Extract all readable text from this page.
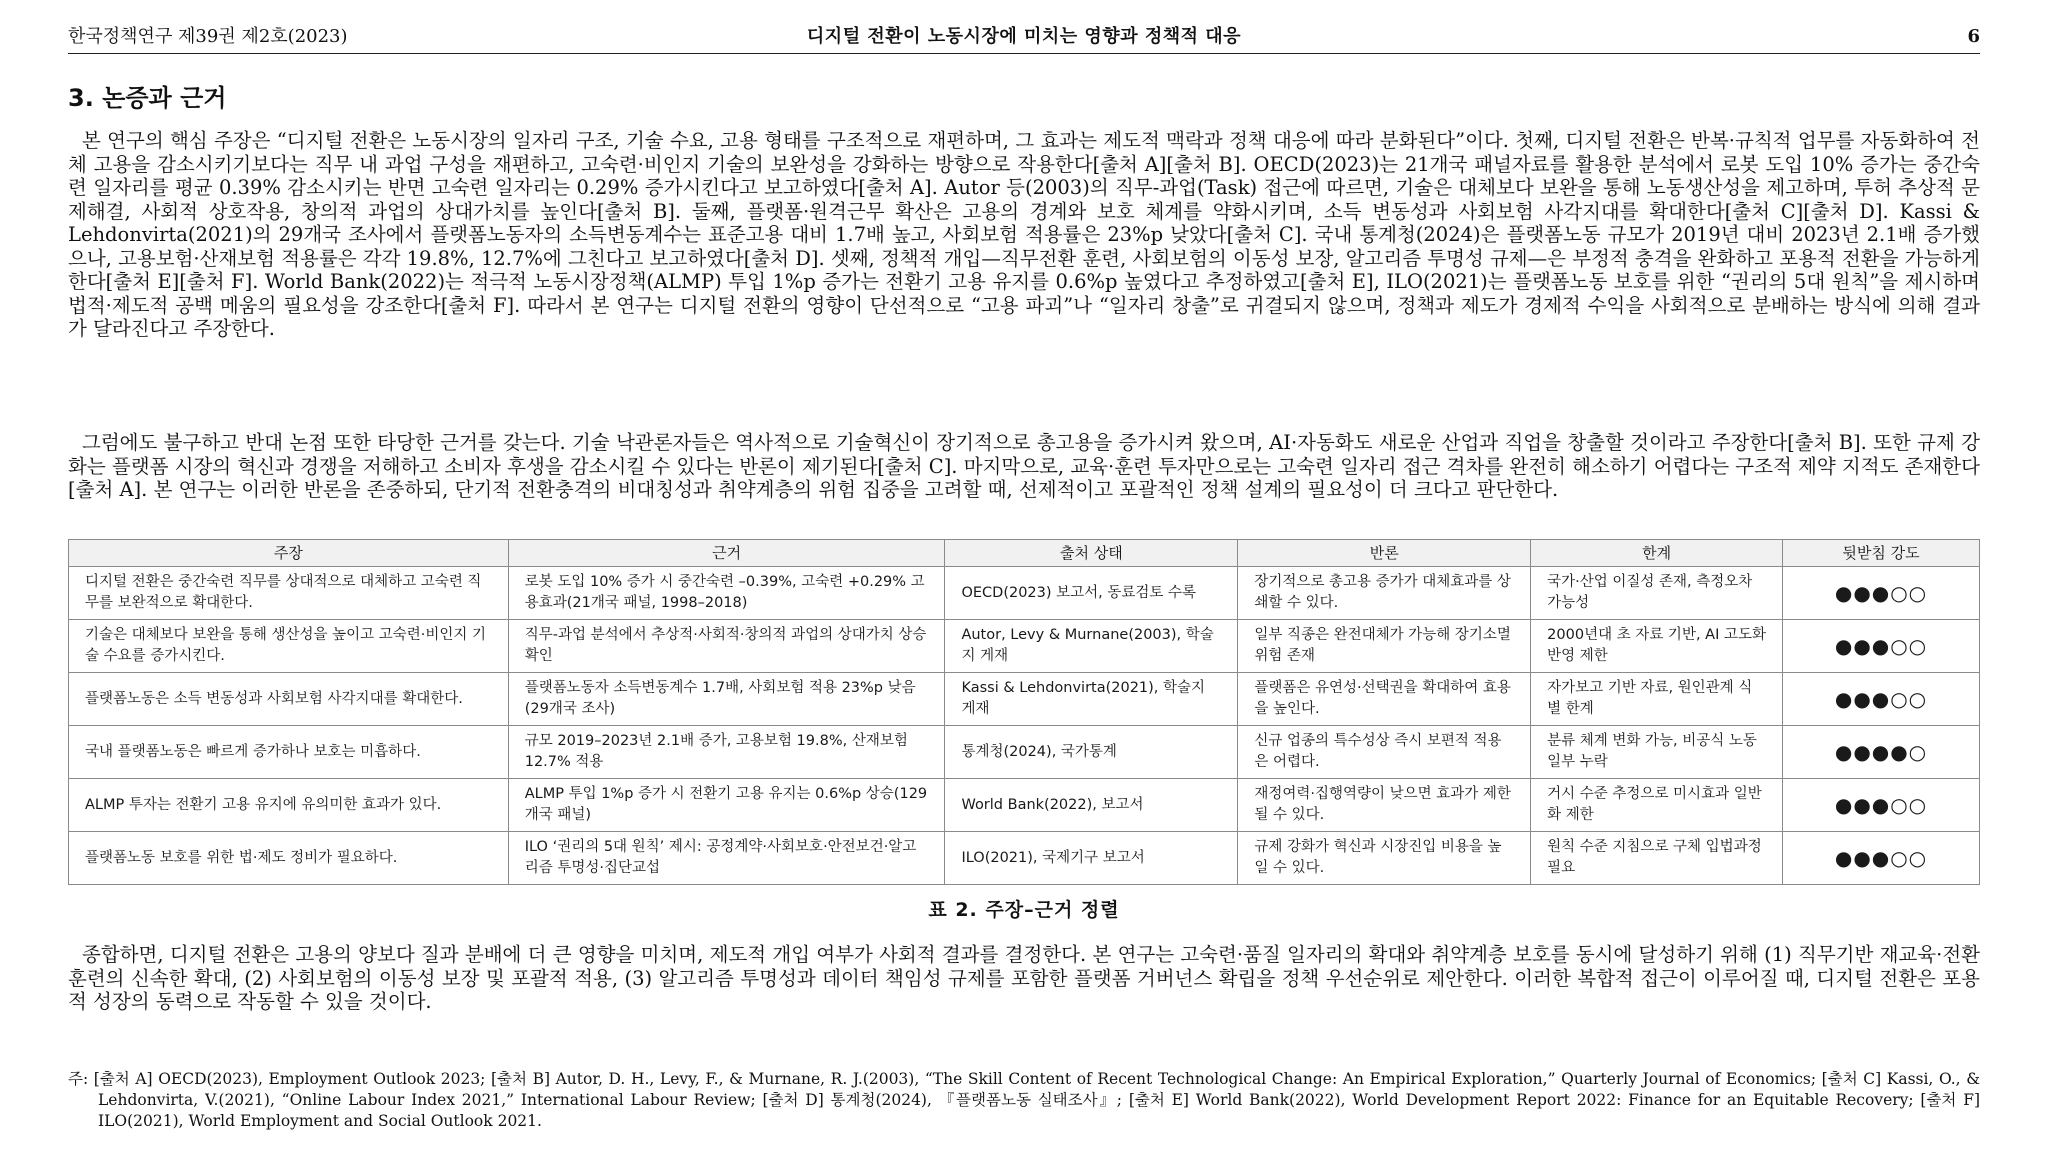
한국정책연구 제39권 제2호(2023)	디지털 전환이 노동시장에 미치는 영향과 정책적 대응	6
3. 논증과 근거

본 연구의 핵심 주장은 “디지털 전환은 노동시장의 일자리 구조, 기술 수요, 고용 형태를 구조적으로 재편하며, 그 효과는 제도적 맥락과 정책 대응에 따라 분화된다”이다. 첫째, 디지털 전환은 반복·규칙적 업무를 자동화하여 전체 고용을 감소시키기보다는 직무 내 과업 구성을 재편하고, 고숙련·비인지 기술의 보완성을 강화하는 방향으로 작용한다[출처 A][출처 B]. OECD(2023)는 21개국 패널자료를 활용한 분석에서 로봇 도입 10% 증가는 중간숙련 일자리를 평균 0.39% 감소시키는 반면 고숙련 일자리는 0.29% 증가시킨다고 보고하였다[출처 A]. Autor 등(2003)의 직무-과업(Task) 접근에 따르면, 기술은 대체보다 보완을 통해 노동생산성을 제고하며, 투허 추상적 문제해결, 사회적 상호작용, 창의적 과업의 상대가치를 높인다[출처 B]. 둘째, 플랫폼·원격근무 확산은 고용의 경계와 보호 체계를 약화시키며, 소득 변동성과 사회보험 사각지대를 확대한다[출처 C][출처 D]. Kassi & Lehdonvirta(2021)의 29개국 조사에서 플랫폼노동자의 소득변동계수는 표준고용 대비 1.7배 높고, 사회보험 적용률은 23%p 낮았다[출처 C]. 국내 통계청(2024)은 플랫폼노동 규모가 2019년 대비 2023년 2.1배 증가했으나, 고용보험·산재보험 적용률은 각각 19.8%, 12.7%에 그친다고 보고하였다[출처 D]. 셋째, 정책적 개입—직무전환 훈련, 사회보험의 이동성 보장, 알고리즘 투명성 규제—은 부정적 충격을 완화하고 포용적 전환을 가능하게 한다[출처 E][출처 F]. World Bank(2022)는 적극적 노동시장정책(ALMP) 투입 1%p 증가는 전환기 고용 유지를 0.6%p 높였다고 추정하였고[출처 E], ILO(2021)는 플랫폼노동 보호를 위한 “권리의 5대 원칙”을 제시하며 법적·제도적 공백 메움의 필요성을 강조한다[출처 F]. 따라서 본 연구는 디지털 전환의 영향이 단선적으로 “고용 파괴”나 “일자리 창출”로 귀결되지 않으며, 정책과 제도가 경제적 수익을 사회적으로 분배하는 방식에 의해 결과가 달라진다고 주장한다.

그럼에도 불구하고 반대 논점 또한 타당한 근거를 갖는다. 기술 낙관론자들은 역사적으로 기술혁신이 장기적으로 총고용을 증가시켜 왔으며, AI·자동화도 새로운 산업과 직업을 창출할 것이라고 주장한다[출처 B]. 또한 규제 강화는 플랫폼 시장의 혁신과 경쟁을 저해하고 소비자 후생을 감소시킬 수 있다는 반론이 제기된다[출처 C]. 마지막으로, 교육·훈련 투자만으로는 고숙련 일자리 접근 격차를 완전히 해소하기 어렵다는 구조적 제약 지적도 존재한다[출처 A]. 본 연구는 이러한 반론을 존중하되, 단기적 전환충격의 비대칭성과 취약계층의 위험 집중을 고려할 때, 선제적이고 포괄적인 정책 설계의 필요성이 더 크다고 판단한다.

주장	근거	출처 상태	반론	한계	뒷받침 강도
디지털 전환은 중간숙련 직무를 상대적으로 대체하고 고숙련 직무를 보완적으로 확대한다.	로봇 도입 10% 증가 시 중간숙련 –0.39%, 고숙련 +0.29% 고용효과(21개국 패널, 1998–2018)	OECD(2023) 보고서, 동료검토 수록	장기적으로 총고용 증가가 대체효과를 상쇄할 수 있다.	국가·산업 이질성 존재, 측정오차 가능성	●●●○○
기술은 대체보다 보완을 통해 생산성을 높이고 고숙련·비인지 기술 수요를 증가시킨다.	직무-과업 분석에서 추상적·사회적·창의적 과업의 상대가치 상승 확인	Autor, Levy & Murnane(2003), 학술지 게재	일부 직종은 완전대체가 가능해 장기소멸 위험 존재	2000년대 초 자료 기반, AI 고도화 반영 제한	●●●○○
플랫폼노동은 소득 변동성과 사회보험 사각지대를 확대한다.	플랫폼노동자 소득변동계수 1.7배, 사회보험 적용 23%p 낮음(29개국 조사)	Kassi & Lehdonvirta(2021), 학술지 게재	플랫폼은 유연성·선택권을 확대하여 효용을 높인다.	자가보고 기반 자료, 원인관계 식별 한계	●●●○○
국내 플랫폼노동은 빠르게 증가하나 보호는 미흡하다.	규모 2019–2023년 2.1배 증가, 고용보험 19.8%, 산재보험 12.7% 적용	통계청(2024), 국가통계	신규 업종의 특수성상 즉시 보편적 적용은 어렵다.	분류 체계 변화 가능, 비공식 노동 일부 누락	●●●●○
ALMP 투자는 전환기 고용 유지에 유의미한 효과가 있다.	ALMP 투입 1%p 증가 시 전환기 고용 유지는 0.6%p 상승(129개국 패널)	World Bank(2022), 보고서	재정여력·집행역량이 낮으면 효과가 제한될 수 있다.	거시 수준 추정으로 미시효과 일반화 제한	●●●○○
플랫폼노동 보호를 위한 법·제도 정비가 필요하다.	ILO ‘권리의 5대 원칙’ 제시: 공정계약·사회보호·안전보건·알고리즘 투명성·집단교섭	ILO(2021), 국제기구 보고서	규제 강화가 혁신과 시장진입 비용을 높일 수 있다.	원칙 수준 지침으로 구체 입법과정 필요	●●●○○
표 2. 주장–근거 정렬

종합하면, 디지털 전환은 고용의 양보다 질과 분배에 더 큰 영향을 미치며, 제도적 개입 여부가 사회적 결과를 결정한다. 본 연구는 고숙련·품질 일자리의 확대와 취약계층 보호를 동시에 달성하기 위해 (1) 직무기반 재교육·전환훈련의 신속한 확대, (2) 사회보험의 이동성 보장 및 포괄적 적용, (3) 알고리즘 투명성과 데이터 책임성 규제를 포함한 플랫폼 거버넌스 확립을 정책 우선순위로 제안한다. 이러한 복합적 접근이 이루어질 때, 디지털 전환은 포용적 성장의 동력으로 작동할 수 있을 것이다.

주: [출처 A] OECD(2023), Employment Outlook 2023; [출처 B] Autor, D. H., Levy, F., & Murnane, R. J.(2003), “The Skill Content of Recent Technological Change: An Empirical Exploration,” Quarterly Journal of Economics; [출처 C] Kassi, O., & Lehdonvirta, V.(2021), “Online Labour Index 2021,” International Labour Review; [출처 D] 통계청(2024), 『플랫폼노동 실태조사』; [출처 E] World Bank(2022), World Development Report 2022: Finance for an Equitable Recovery; [출처 F] ILO(2021), World Employment and Social Outlook 2021.
